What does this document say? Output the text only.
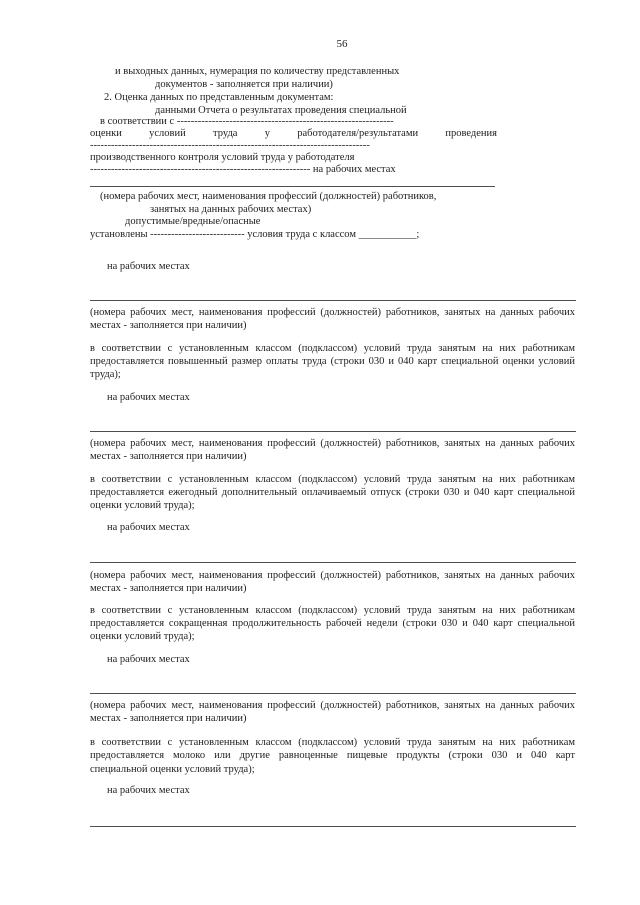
56
и выходных данных, нумерация по количеству представленных
документов - заполняется при наличии)
2. Оценка данных по представленным документам:
данными Отчета о результатах проведения специальной
в соответствии с --------------------------------------------------------------
оценки условий труда у работодателя/результатами проведения
--------------------------------------------------------------------------------
производственного контроля условий труда у работодателя
--------------------------------------------------------------- на рабочих местах
(номера рабочих мест, наименования профессий (должностей) работников,
занятых на данных рабочих местах)
допустимые/вредные/опасные
установлены --------------------------- условия труда с классом ___________;
на рабочих местах
(номера рабочих мест, наименования профессий (должностей) работников, занятых на данных рабочих
местах - заполняется при наличии)
в соответствии с установленным классом (подклассом) условий труда занятым на них работникам
предоставляется повышенный размер оплаты труда (строки 030 и 040 карт специальной оценки условий
труда);
на рабочих местах
(номера рабочих мест, наименования профессий (должностей) работников, занятых на данных рабочих
местах - заполняется при наличии)
в соответствии с установленным классом (подклассом) условий труда занятым на них работникам
предоставляется ежегодный дополнительный оплачиваемый отпуск (строки 030 и 040 карт специальной
оценки условий труда);
на рабочих местах
(номера рабочих мест, наименования профессий (должностей) работников, занятых на данных рабочих
местах - заполняется при наличии)
в соответствии с установленным классом (подклассом) условий труда занятым на них работникам
предоставляется сокращенная продолжительность рабочей недели (строки 030 и 040 карт специальной
оценки условий труда);
на рабочих местах
(номера рабочих мест, наименования профессий (должностей) работников, занятых на данных рабочих
местах - заполняется при наличии)
в соответствии с установленным классом (подклассом) условий труда занятым на них работникам
предоставляется молоко или другие равноценные пищевые продукты (строки 030 и 040 карт
специальной оценки условий труда);
на рабочих местах
